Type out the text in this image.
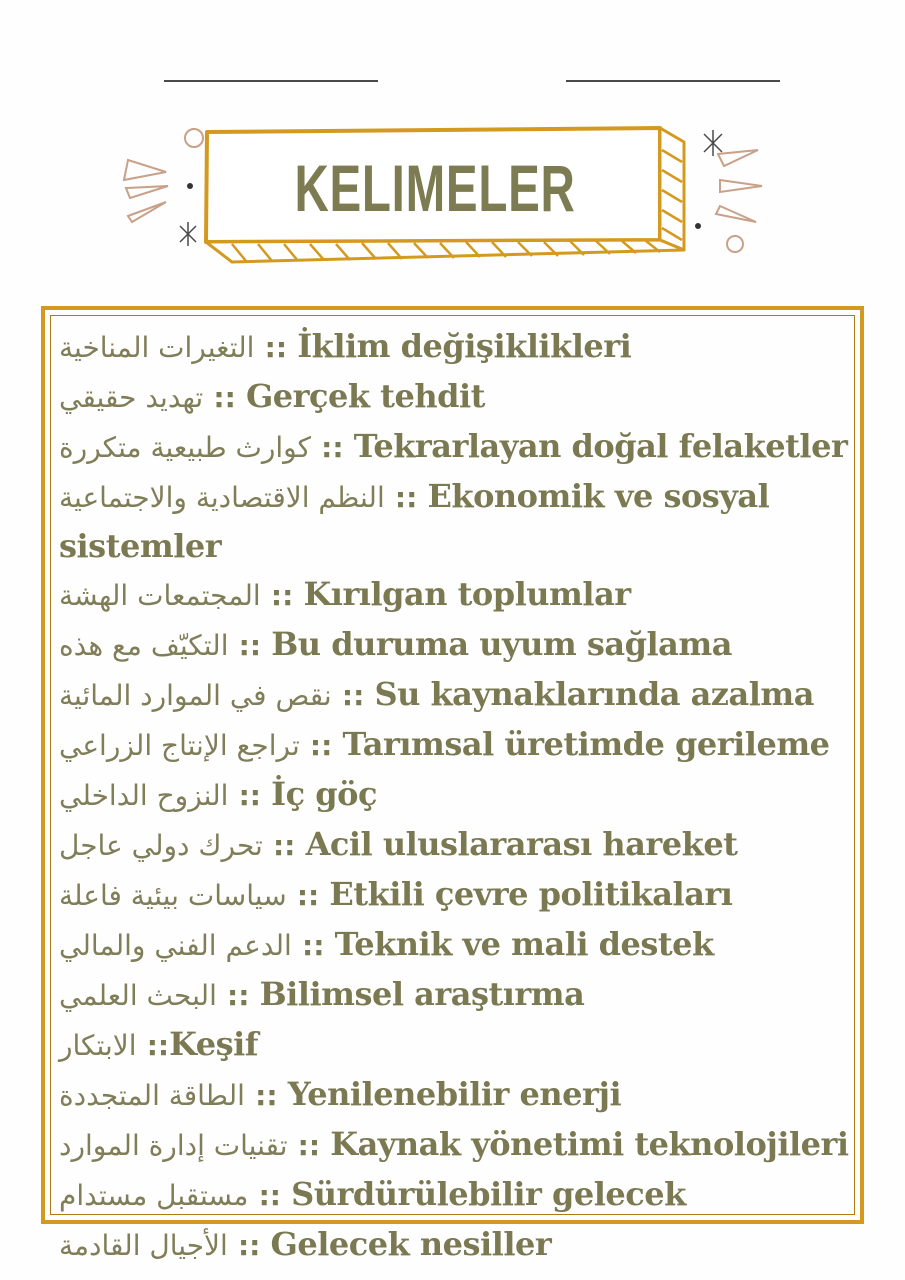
KELIMELER
التغيرات المناخية :: İklim değişiklikleri
تهديد حقيقي :: Gerçek tehdit
كوارث طبيعية متكررة :: Tekrarlayan doğal felaketler
النظم الاقتصادية والاجتماعية :: Ekonomik ve sosyal sistemler
المجتمعات الهشة :: Kırılgan toplumlar
التكيّف مع هذه :: Bu duruma uyum sağlama
نقص في الموارد المائية :: Su kaynaklarında azalma
تراجع الإنتاج الزراعي :: Tarımsal üretimde gerileme
النزوح الداخلي :: İç göç
تحرك دولي عاجل :: Acil uluslararası hareket
سياسات بيئية فاعلة :: Etkili çevre politikaları
الدعم الفني والمالي :: Teknik ve mali destek
البحث العلمي :: Bilimsel araştırma
الابتكار ::Keşif
الطاقة المتجددة :: Yenilenebilir enerji
تقنيات إدارة الموارد :: Kaynak yönetimi teknolojileri
مستقبل مستدام :: Sürdürülebilir gelecek
الأجيال القادمة :: Gelecek nesiller
